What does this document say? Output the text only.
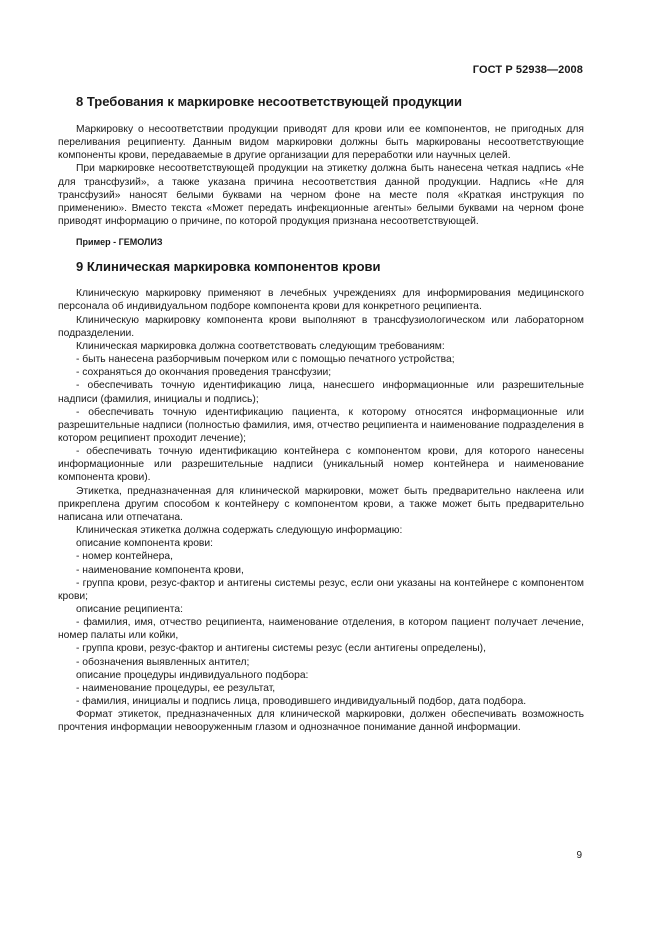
ГОСТ Р 52938—2008
8 Требования к маркировке несоответствующей продукции

Маркировку о несоответствии продукции приводят для крови или ее компонентов, не пригодных для переливания реципиенту. Данным видом маркировки должны быть маркированы несоответствующие компоненты крови, передаваемые в другие организации для переработки или научных целей.

При маркировке несоответствующей продукции на этикетку должна быть нанесена четкая надпись «Не для трансфузий», а также указана причина несоответствия данной продукции. Надпись «Не для трансфузий» наносят белыми буквами на черном фоне на месте поля «Краткая инструкция по применению». Вместо текста «Может передать инфекционные агенты» белыми буквами на черном фоне приводят информацию о причине, по которой продукция признана несоответствующей.

Пример - ГЕМОЛИЗ
9 Клиническая маркировка компонентов крови

Клиническую маркировку применяют в лечебных учреждениях для информирования медицинского персонала об индивидуальном подборе компонента крови для конкретного реципиента.

Клиническую маркировку компонента крови выполняют в трансфузиологическом или лабораторном подразделении.

Клиническая маркировка должна соответствовать следующим требованиям:

- быть нанесена разборчивым почерком или с помощью печатного устройства;

- сохраняться до окончания проведения трансфузии;

- обеспечивать точную идентификацию лица, нанесшего информационные или разрешительные надписи (фамилия, инициалы и подпись);

- обеспечивать точную идентификацию пациента, к которому относятся информационные или разрешительные надписи (полностью фамилия, имя, отчество реципиента и наименование подразделения в котором реципиент проходит лечение);

- обеспечивать точную идентификацию контейнера с компонентом крови, для которого нанесены информационные или разрешительные надписи (уникальный номер контейнера и наименование компонента крови).

Этикетка, предназначенная для клинической маркировки, может быть предварительно наклеена или прикреплена другим способом к контейнеру с компонентом крови, а также может быть предварительно написана или отпечатана.

Клиническая этикетка должна содержать следующую информацию:

описание компонента крови:

- номер контейнера,

- наименование компонента крови,

- группа крови, резус-фактор и антигены системы резус, если они указаны на контейнере с компонентом крови;

описание реципиента:

- фамилия, имя, отчество реципиента, наименование отделения, в котором пациент получает лечение, номер палаты или койки,

- группа крови, резус-фактор и антигены системы резус (если антигены определены),

- обозначения выявленных антител;

описание процедуры индивидуального подбора:

- наименование процедуры, ее результат,

- фамилия, инициалы и подпись лица, проводившего индивидуальный подбор, дата подбора.

Формат этикеток, предназначенных для клинической маркировки, должен обеспечивать возможность прочтения информации невооруженным глазом и однозначное понимание данной информации.

9
